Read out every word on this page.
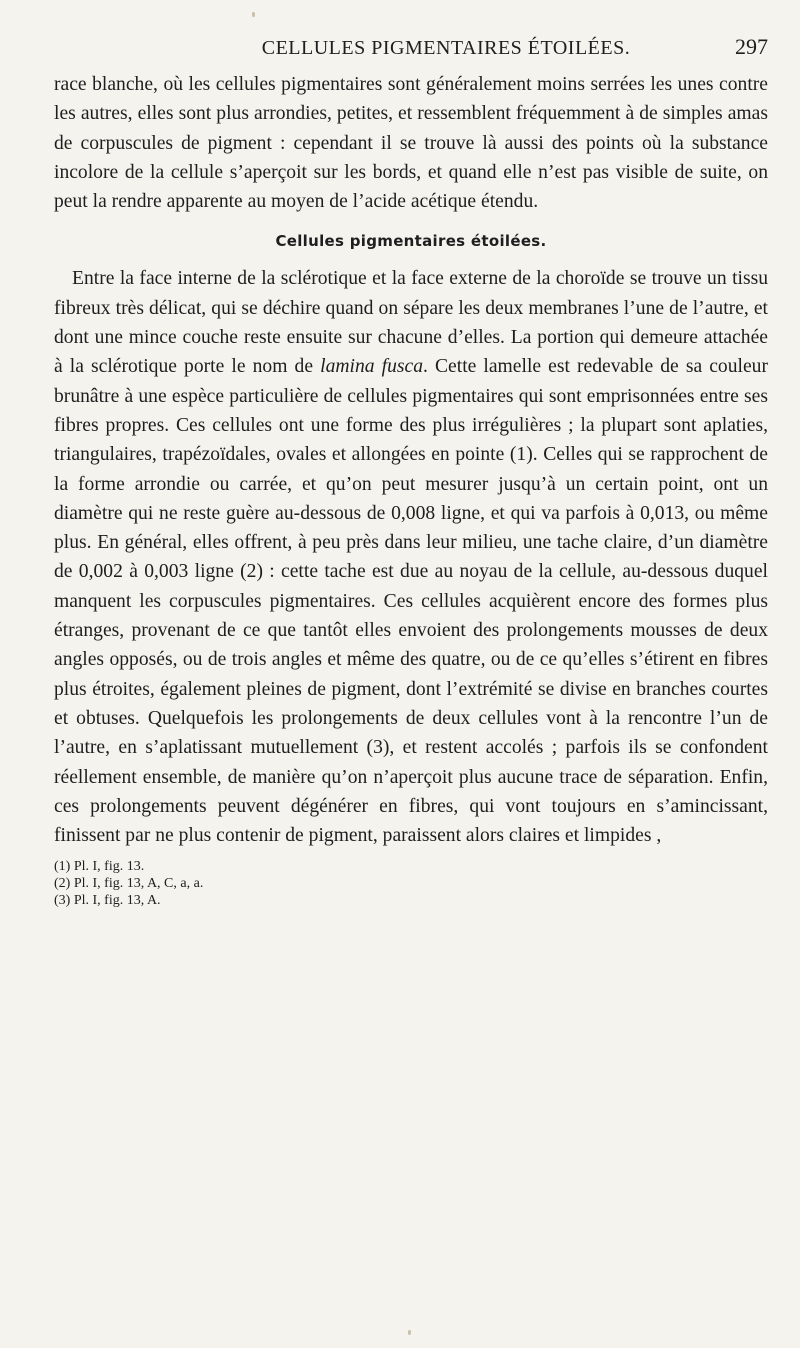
CELLULES PIGMENTAIRES ÉTOILÉES.	297

race blanche, où les cellules pigmentaires sont généralement moins serrées les unes contre les autres, elles sont plus arrondies, petites, et ressemblent fréquemment à de simples amas de corpuscules de pigment : cependant il se trouve là aussi des points où la substance incolore de la cellule s’aperçoit sur les bords, et quand elle n’est pas visible de suite, on peut la rendre apparente au moyen de l’acide acétique étendu.

Cellules pigmentaires étoilées.

Entre la face interne de la sclérotique et la face externe de la choroïde se trouve un tissu fibreux très délicat, qui se déchire quand on sépare les deux membranes l’une de l’autre, et dont une mince couche reste ensuite sur chacune d’elles. La portion qui demeure attachée à la sclérotique porte le nom de lamina fusca. Cette lamelle est redevable de sa couleur brunâtre à une espèce particulière de cellules pigmentaires qui sont emprisonnées entre ses fibres propres. Ces cellules ont une forme des plus irrégulières ; la plupart sont aplaties, triangulaires, trapézoïdales, ovales et allongées en pointe (1). Celles qui se rapprochent de la forme arrondie ou carrée, et qu’on peut mesurer jusqu’à un certain point, ont un diamètre qui ne reste guère au-dessous de 0,008 ligne, et qui va parfois à 0,013, ou même plus. En général, elles offrent, à peu près dans leur milieu, une tache claire, d’un diamètre de 0,002 à 0,003 ligne (2) : cette tache est due au noyau de la cellule, au-dessous duquel manquent les corpuscules pigmentaires. Ces cellules acquièrent encore des formes plus étranges, provenant de ce que tantôt elles envoient des prolongements mousses de deux angles opposés, ou de trois angles et même des quatre, ou de ce qu’elles s’étirent en fibres plus étroites, également pleines de pigment, dont l’extrémité se divise en branches courtes et obtuses. Quelquefois les prolongements de deux cellules vont à la rencontre l’un de l’autre, en s’aplatissant mutuellement (3), et restent accolés ; parfois ils se confondent réellement ensemble, de manière qu’on n’aperçoit plus aucune trace de séparation. Enfin, ces prolongements peuvent dégénérer en fibres, qui vont toujours en s’amincissant, finissent par ne plus contenir de pigment, paraissent alors claires et limpides ,

(1) Pl. I, fig. 13.
(2) Pl. I, fig. 13, A, C, a, a.
(3) Pl. I, fig. 13, A.
